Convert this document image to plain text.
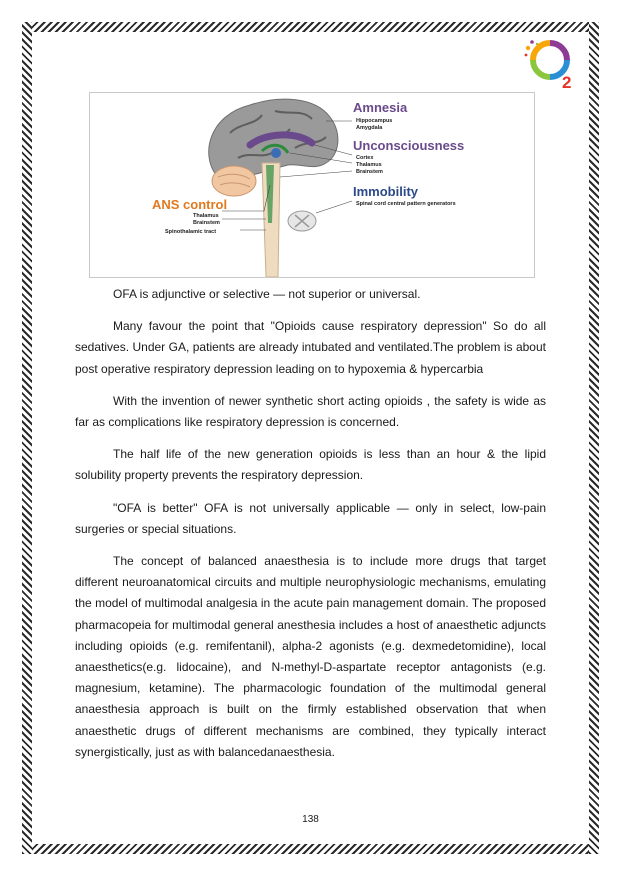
2
Amnesia
Hippocampus
Amygdala
Unconsciousness
Cortex
Thalamus
Brainstem
Immobility
Spinal cord central pattern generators
ANS control
Thalamus
Brainstem
Spinothalamic tract

OFA is adjunctive or selective — not superior or universal.

Many favour the point that "Opioids cause respiratory depression" So do all sedatives. Under GA, patients are already intubated and ventilated.The problem is about post operative respiratory depression leading on to hypoxemia & hypercarbia

With the invention of newer synthetic short acting opioids , the safety is wide as far as complications like respiratory depression is concerned.

The half life of the new generation opioids is less than an hour & the lipid solubility property prevents the respiratory depression.

"OFA is better" OFA is not universally applicable — only in select, low-pain surgeries or special situations.

The concept of balanced anaesthesia is to include more drugs that target different neuroanatomical circuits and multiple neurophysiologic mechanisms, emulating the model of multimodal analgesia in the acute pain management domain. The proposed pharmacopeia for multimodal general anesthesia includes a host of anaesthetic adjuncts including opioids (e.g. remifentanil), alpha-2 agonists (e.g. dexmedetomidine), local anaesthetics(e.g. lidocaine), and N-methyl-D-aspartate receptor antagonists (e.g. magnesium, ketamine). The pharmacologic foundation of the multimodal general anaesthesia approach is built on the firmly established observation that when anaesthetic drugs of different mechanisms are combined, they typically interact synergistically, just as with balancedanaesthesia.

138
